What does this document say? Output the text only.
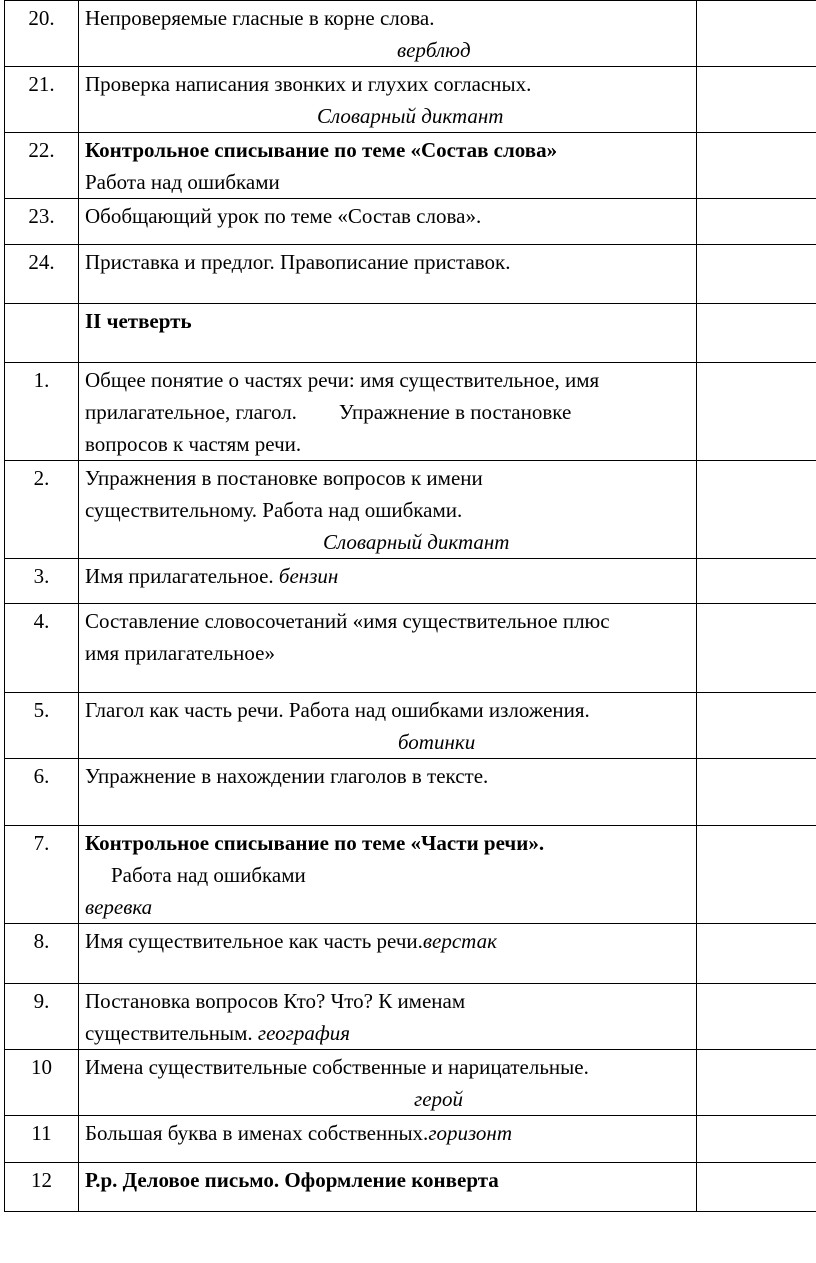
20.	Непроверяемые гласные в корне слова.
верблюд	

21.	Проверка написания звонких и глухих согласных.
Словарный диктант	

22.	Контрольное списывание по теме «Состав слова»
Работа над ошибками	

23.	Обобщающий урок по теме «Состав слова».	

24.	Приставка и предлог. Правописание приставок.	

	II четверть	

1.	Общее понятие о частях речи: имя существительное, имя
прилагательное, глагол.        Упражнение в постановке
вопросов к частям речи.	

2.	Упражнения в постановке вопросов к имени
существительному. Работа над ошибками.
Словарный диктант	

3.	Имя прилагательное. бензин	

4.	Составление словосочетаний «имя существительное плюс
имя прилагательное»	

5.	Глагол как часть речи. Работа над ошибками изложения.
ботинки	

6.	Упражнение в нахождении глаголов в тексте.	

7.	Контрольное списывание по теме «Части речи».
Работа над ошибками
веревка	

8.	Имя существительное как часть речи.верстак	

9.	Постановка вопросов Кто? Что? К именам
существительным. география	

10	Имена существительные собственные и нарицательные.
герой	

11	Большая буква в именах собственных.горизонт	

12	Р.р. Деловое письмо. Оформление конверта	
